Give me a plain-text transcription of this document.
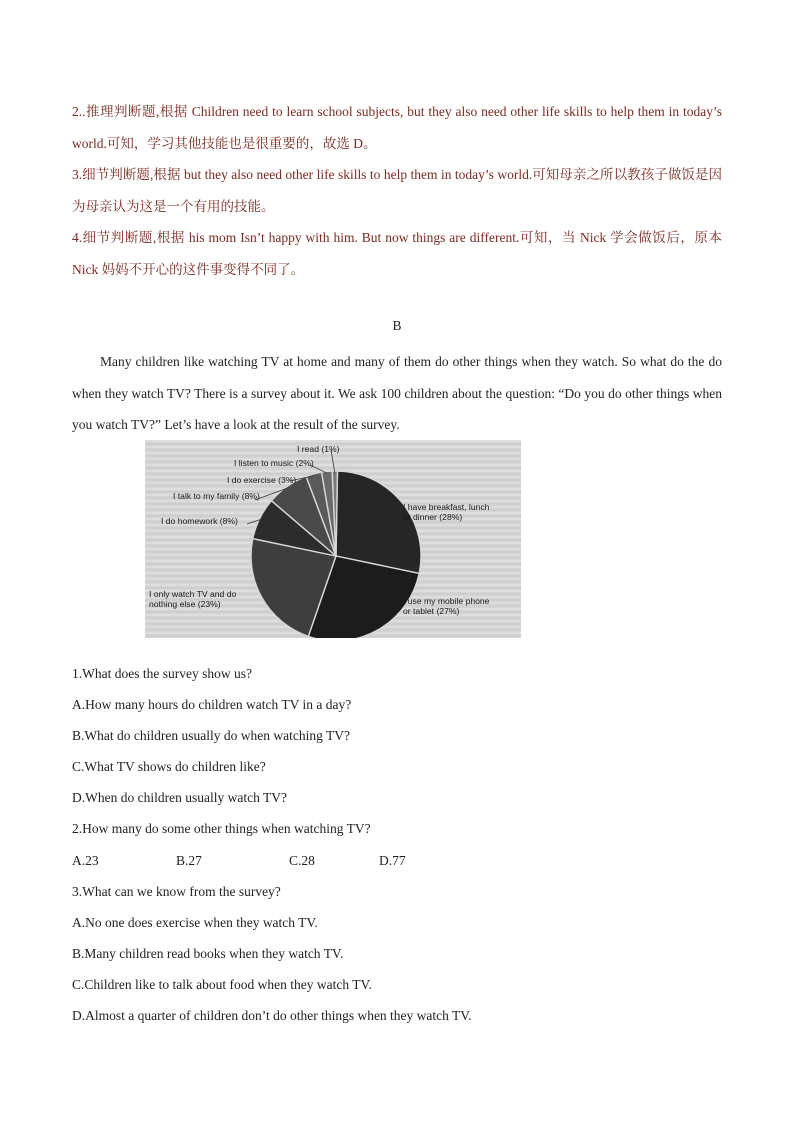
2..推理判断题,根据 Children need to learn school subjects, but they also need other life skills to help them in today’s world.可知，学习其他技能也是很重要的，故选 D。

3.细节判断题,根据 but they also need other life skills to help them in today’s world.可知母亲之所以教孩子做饭是因为母亲认为这是一个有用的技能。

4.细节判断题,根据 his mom Isn’t happy with him. But now things are different.可知，当 Nick 学会做饭后，原本 Nick 妈妈不开心的这件事变得不同了。

B

Many children like watching TV at home and many of them do other things when they watch. So what do the do when they watch TV? There is a survey about it. We ask 100 children about the question: “Do you do other things when you watch TV?” Let’s have a look at the result of the survey.

I have breakfast, lunch or dinner (28%)
I use my mobile phone or tablet (27%)
I only watch TV and do nothing else (23%)
I do homework (8%)
I talk to my family (8%)
I do exercise (3%)
I listen to music (2%)
I read (1%)

1.What does the survey show us?

A.How many hours do children watch TV in a day?

B.What do children usually do when watching TV?

C.What TV shows do children like?

D.When do children usually watch TV?

2.How many do some other things when watching TV?

A.23	B.27	C.28	D.77

3.What can we know from the survey?

A.No one does exercise when they watch TV.

B.Many children read books when they watch TV.

C.Children like to talk about food when they watch TV.

D.Almost a quarter of children don’t do other things when they watch TV.
